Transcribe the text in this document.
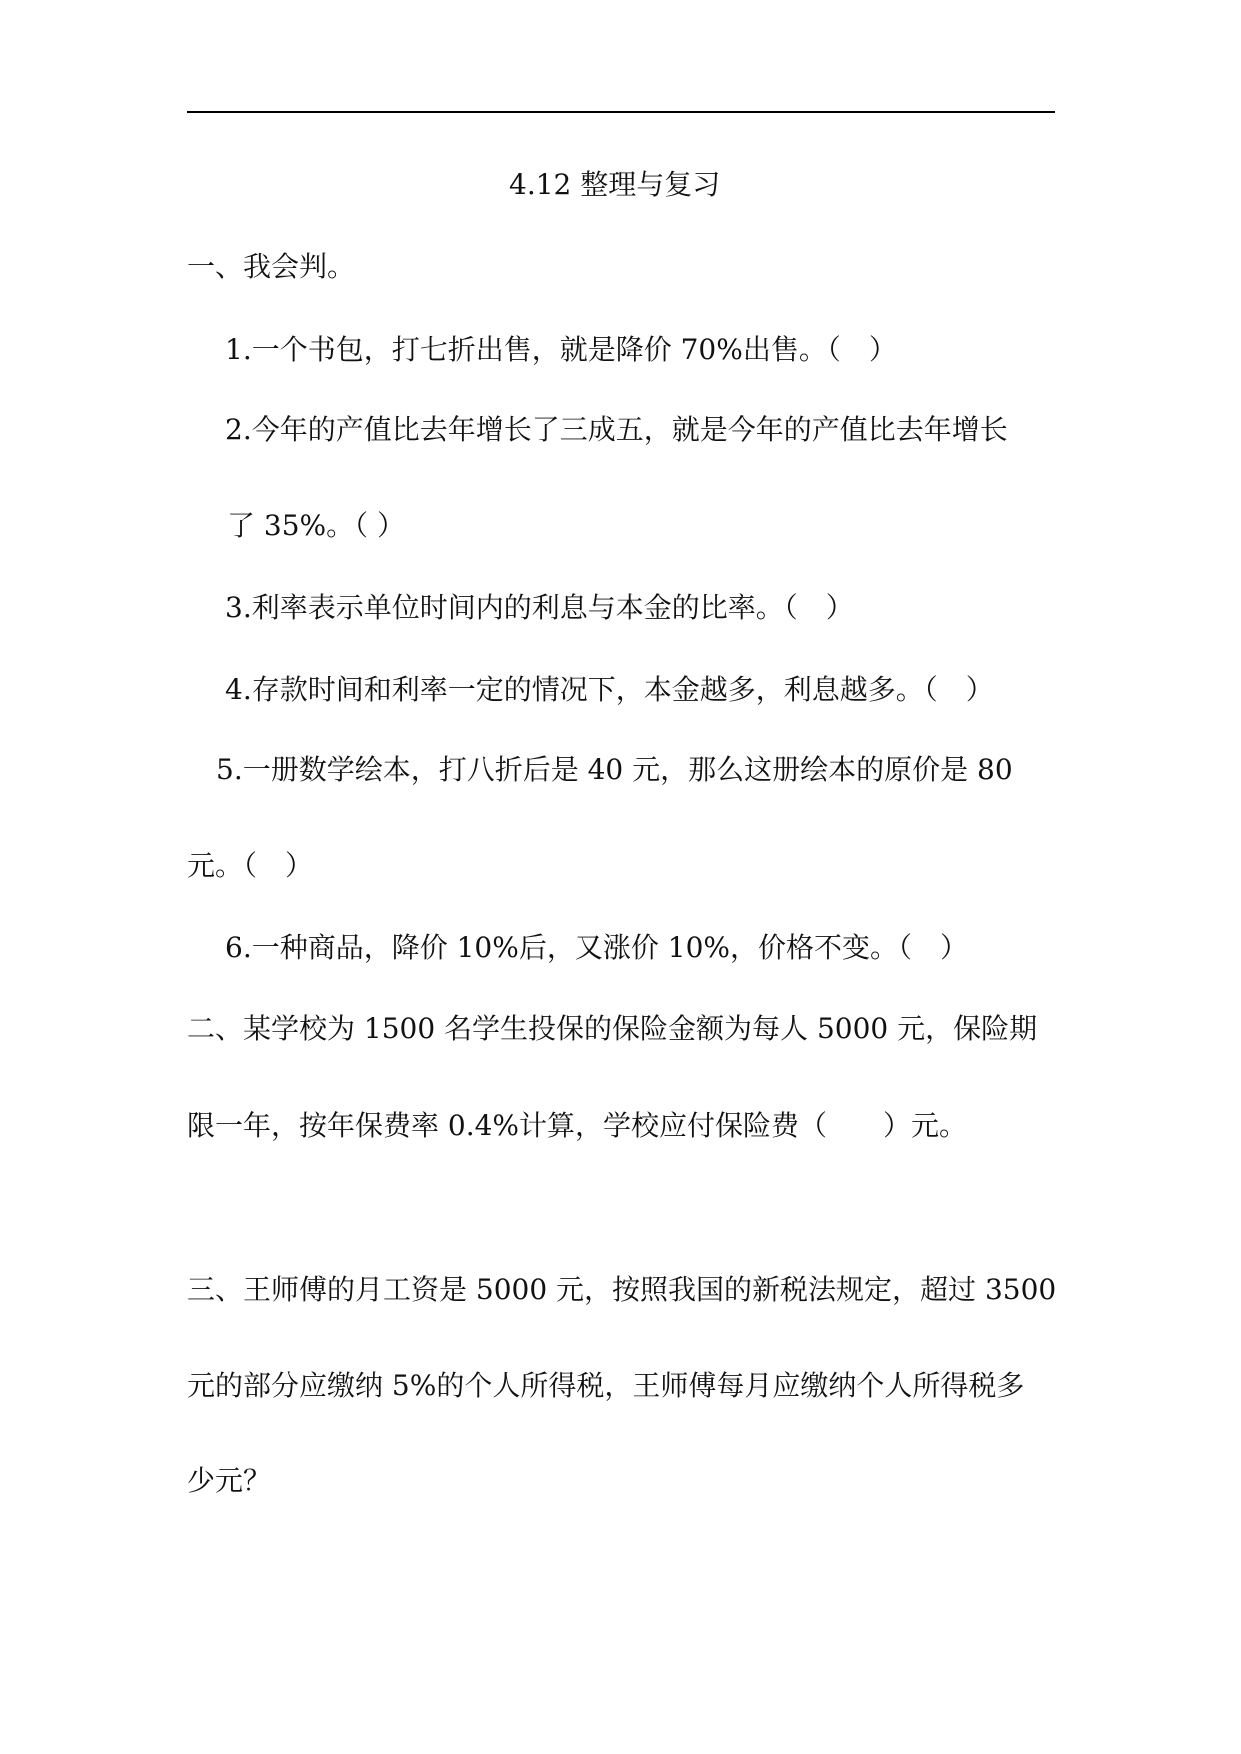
4.12 整理与复习
一、我会判。
1.一个书包，打七折出售，就是降价 70%出售。（　）
2.今年的产值比去年增长了三成五，就是今年的产值比去年增长
了 35%。（ ）
3.利率表示单位时间内的利息与本金的比率。（　）
4.存款时间和利率一定的情况下，本金越多，利息越多。（　）
5.一册数学绘本，打八折后是 40 元，那么这册绘本的原价是 80
元。（　）
6.一种商品，降价 10%后，又涨价 10%，价格不变。（　）
二、某学校为 1500 名学生投保的保险金额为每人 5000 元，保险期
限一年，按年保费率 0.4%计算，学校应付保险费（　　）元。
三、王师傅的月工资是 5000 元，按照我国的新税法规定，超过 3500
元的部分应缴纳 5%的个人所得税，王师傅每月应缴纳个人所得税多
少元？
